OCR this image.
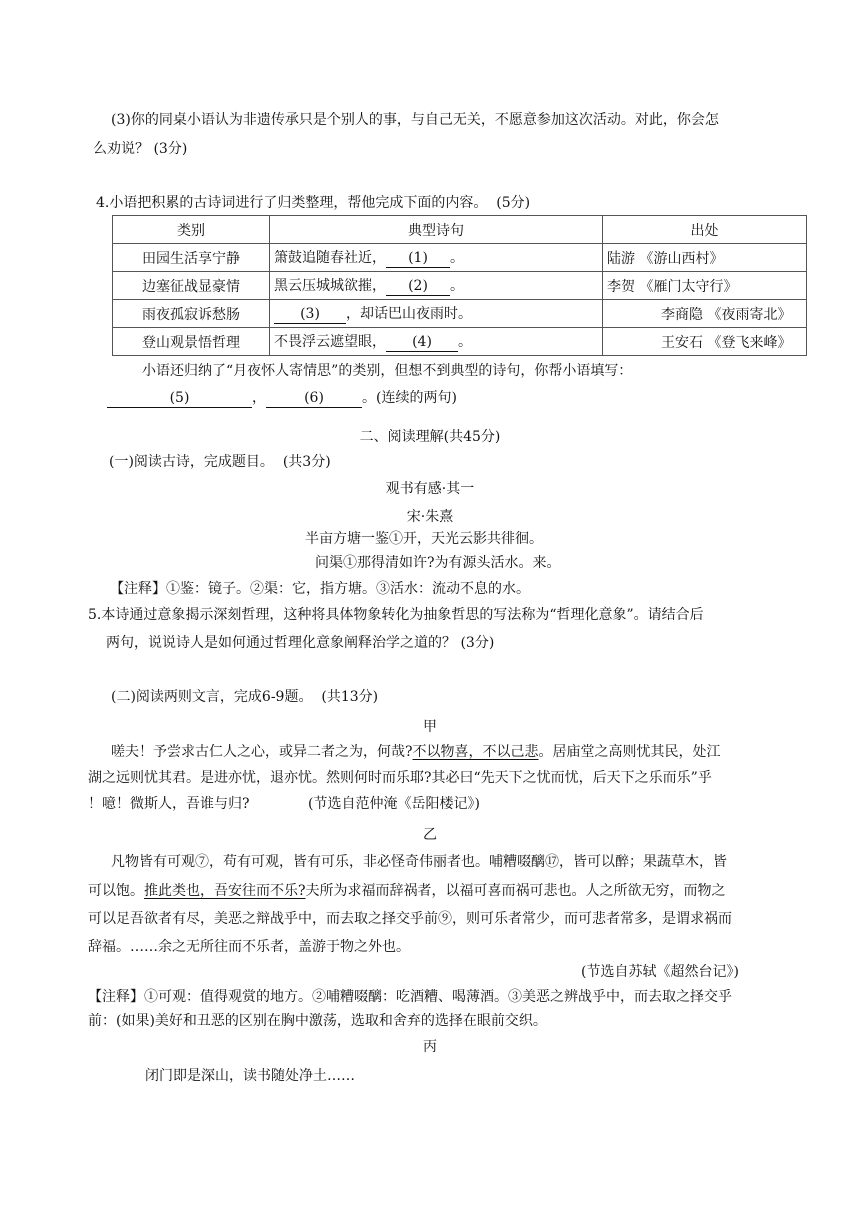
(3)你的同桌小语认为非遗传承只是个别人的事，与自己无关，不愿意参加这次活动。对此，你会怎
么劝说？ (3分)
4.小语把积累的古诗词进行了归类整理，帮他完成下面的内容。  (5分)
类别	典型诗句	出处
田园生活享宁静	箫鼓追随春社近， (1) 。	陆游 《游山西村》
边塞征战显豪情	黑云压城城欲摧， (2) 。	李贺 《雁门太守行》
雨夜孤寂诉愁肠	(3) ，却话巴山夜雨时。	李商隐 《夜雨寄北》
登山观景悟哲理	不畏浮云遮望眼， (4) 。	王安石 《登飞来峰》
小语还归纳了“月夜怀人寄情思”的类别，但想不到典型的诗句，你帮小语填写：
(5)	，	(6)	。(连续的两句)
二、阅读理解(共45分)
(一)阅读古诗，完成题目。  (共3分)
观书有感·其一
宋·朱熹
半亩方塘一鉴①开，天光云影共徘徊。
问渠①那得清如许?为有源头活水。来。
【注释】①鉴：镜子。②渠：它，指方塘。③活水：流动不息的水。
5.本诗通过意象揭示深刻哲理，这种将具体物象转化为抽象哲思的写法称为“哲理化意象”。请结合后
两句，说说诗人是如何通过哲理化意象阐释治学之道的？ (3分)
(二)阅读两则文言，完成6-9题。  (共13分)
甲
嗟夫！予尝求古仁人之心，或异二者之为，何哉?不以物喜，不以己悲。居庙堂之高则忧其民，处江
湖之远则忧其君。是进亦忧，退亦忧。然则何时而乐耶?其必曰“先天下之忧而忧，后天下之乐而乐”乎
！噫！微斯人，吾谁与归?	(节选自范仲淹《岳阳楼记》)
乙
凡物皆有可观⑦，苟有可观，皆有可乐，非必怪奇伟丽者也。哺糟啜醨⑰，皆可以醉；果蔬草木，皆
可以饱。推此类也，吾安往而不乐?夫所为求福而辞祸者，以福可喜而祸可悲也。人之所欲无穷，而物之
可以足吾欲者有尽，美恶之辩战乎中，而去取之择交乎前⑨，则可乐者常少，而可悲者常多，是谓求祸而
辞福。……余之无所往而不乐者，盖游于物之外也。
(节选自苏轼《超然台记》)
【注释】①可观：值得观赏的地方。②哺糟啜醨：吃酒糟、喝薄酒。③美恶之辨战乎中，而去取之择交乎
前：(如果)美好和丑恶的区别在胸中激荡，选取和舍弃的选择在眼前交织。
丙
闭门即是深山，读书随处净土……
